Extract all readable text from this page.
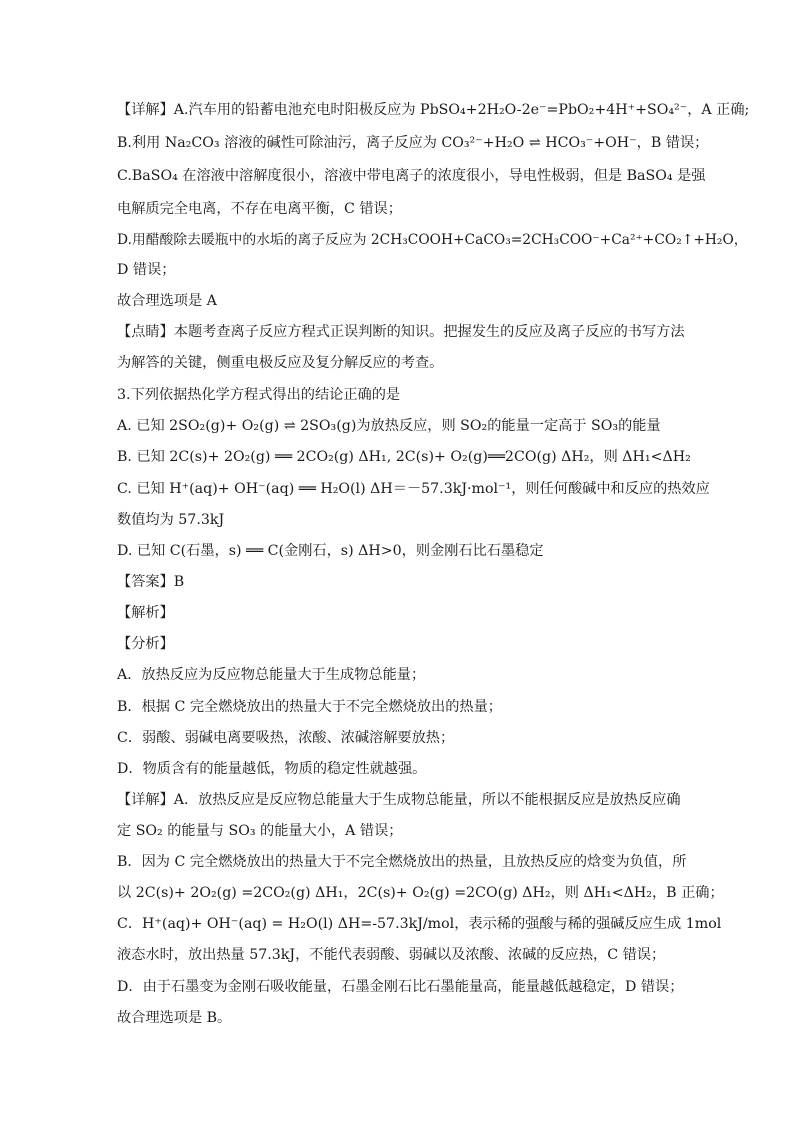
【详解】A.汽车用的铅蓄电池充电时阳极反应为 PbSO₄+2H₂O-2e⁻=PbO₂+4H⁺+SO₄²⁻，A 正确;
B.利用 Na₂CO₃ 溶液的碱性可除油污，离子反应为 CO₃²⁻+H₂O ⇌ HCO₃⁻+OH⁻，B 错误；
C.BaSO₄ 在溶液中溶解度很小，溶液中带电离子的浓度很小，导电性极弱，但是 BaSO₄ 是强
电解质完全电离，不存在电离平衡，C 错误；
D.用醋酸除去暖瓶中的水垢的离子反应为 2CH₃COOH+CaCO₃=2CH₃COO⁻+Ca²⁺+CO₂↑+H₂O，
D 错误；
故合理选项是 A
【点睛】本题考查离子反应方程式正误判断的知识。把握发生的反应及离子反应的书写方法
为解答的关键，侧重电极反应及复分解反应的考查。
3.下列依据热化学方程式得出的结论正确的是
A. 已知 2SO₂(g)+ O₂(g) ⇌ 2SO₃(g)为放热反应，则 SO₂的能量一定高于 SO₃的能量
B. 已知 2C(s)+ 2O₂(g) ══ 2CO₂(g) ΔH₁, 2C(s)+ O₂(g)══2CO(g) ΔH₂，则 ΔH₁<ΔH₂
C. 已知 H⁺(aq)+ OH⁻(aq) ══ H₂O(l) ΔH＝－57.3kJ·mol⁻¹，则任何酸碱中和反应的热效应
数值均为 57.3kJ
D. 已知 C(石墨，s) ══ C(金刚石，s) ΔH>0，则金刚石比石墨稳定
【答案】B
【解析】
【分析】
A．放热反应为反应物总能量大于生成物总能量；
B．根据 C 完全燃烧放出的热量大于不完全燃烧放出的热量；
C．弱酸、弱碱电离要吸热，浓酸、浓碱溶解要放热；
D．物质含有的能量越低，物质的稳定性就越强。
【详解】A．放热反应是反应物总能量大于生成物总能量，所以不能根据反应是放热反应确
定 SO₂ 的能量与 SO₃ 的能量大小，A 错误；
B．因为 C 完全燃烧放出的热量大于不完全燃烧放出的热量，且放热反应的焓变为负值，所
以 2C(s)+ 2O₂(g) =2CO₂(g) ΔH₁，2C(s)+ O₂(g) =2CO(g) ΔH₂，则 ΔH₁<ΔH₂，B 正确；
C．H⁺(aq)+ OH⁻(aq) = H₂O(l) ΔH=-57.3kJ/mol，表示稀的强酸与稀的强碱反应生成 1mol
液态水时，放出热量 57.3kJ，不能代表弱酸、弱碱以及浓酸、浓碱的反应热，C 错误；
D．由于石墨变为金刚石吸收能量，石墨金刚石比石墨能量高，能量越低越稳定，D 错误；
故合理选项是 B。
